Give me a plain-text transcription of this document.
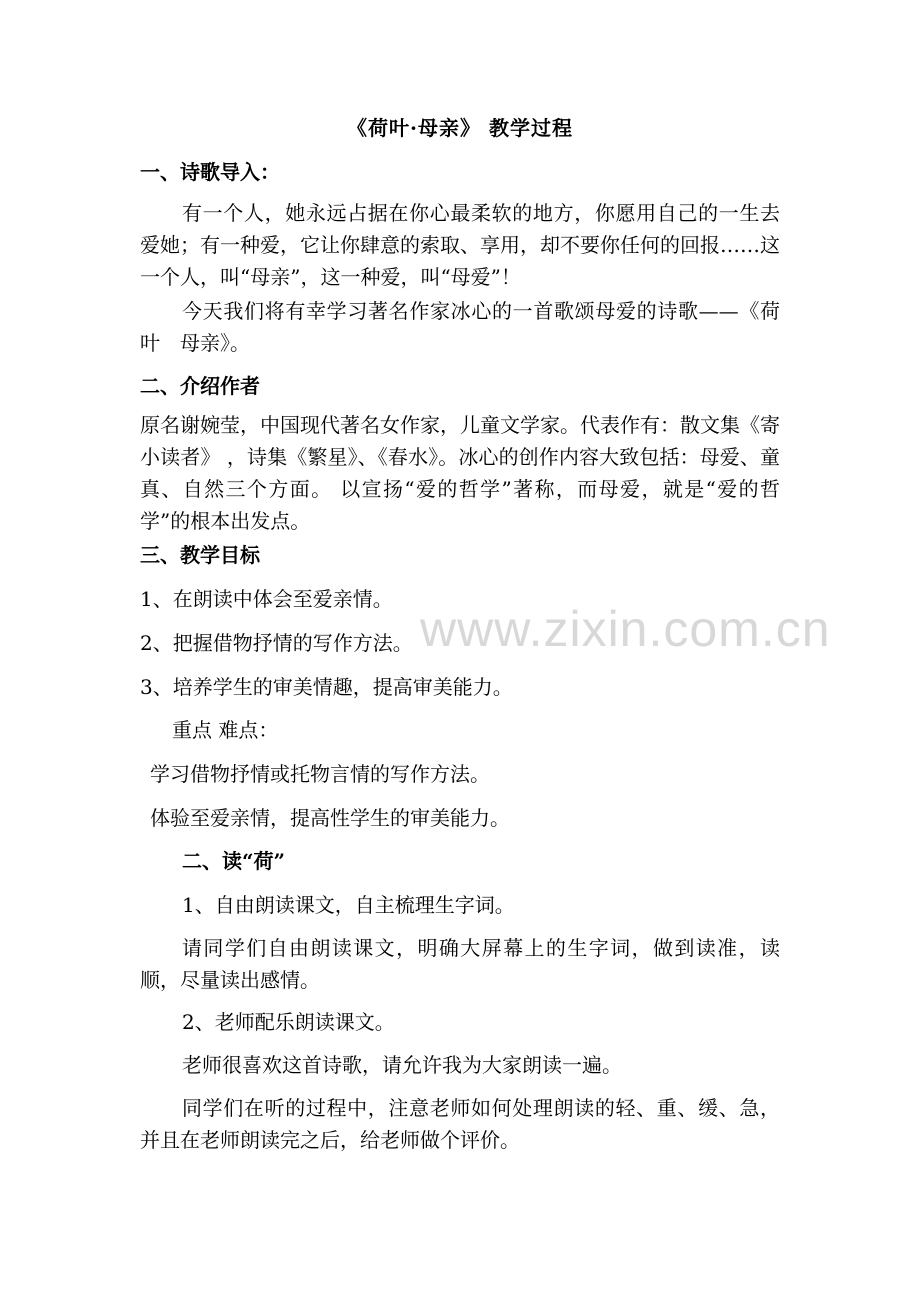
www.zixin.com.cn
《荷叶·母亲》 教学过程
一、诗歌导入：
有一个人，她永远占据在你心最柔软的地方，你愿用自己的一生去爱她；有一种爱，它让你肆意的索取、享用，却不要你任何的回报……这一个人，叫“母亲”，这一种爱，叫“母爱”！
今天我们将有幸学习著名作家冰心的一首歌颂母爱的诗歌——《荷叶　母亲》。
二、介绍作者
原名谢婉莹，中国现代著名女作家，儿童文学家。代表作有：散文集《寄小读者》 ，诗集《繁星》、《春水》。冰心的创作内容大致包括：母爱、童真、自然三个方面。 以宣扬“爱的哲学”著称，而母爱，就是“爱的哲学”的根本出发点。
三、教学目标
1、在朗读中体会至爱亲情。
2、把握借物抒情的写作方法。
3、培养学生的审美情趣，提高审美能力。
重点 难点：
学习借物抒情或托物言情的写作方法。
体验至爱亲情，提高性学生的审美能力。
二、读“荷”
1、自由朗读课文，自主梳理生字词。
请同学们自由朗读课文，明确大屏幕上的生字词，做到读准，读顺，尽量读出感情。
2、老师配乐朗读课文。
老师很喜欢这首诗歌，请允许我为大家朗读一遍。
同学们在听的过程中，注意老师如何处理朗读的轻、重、缓、急，并且在老师朗读完之后，给老师做个评价。
